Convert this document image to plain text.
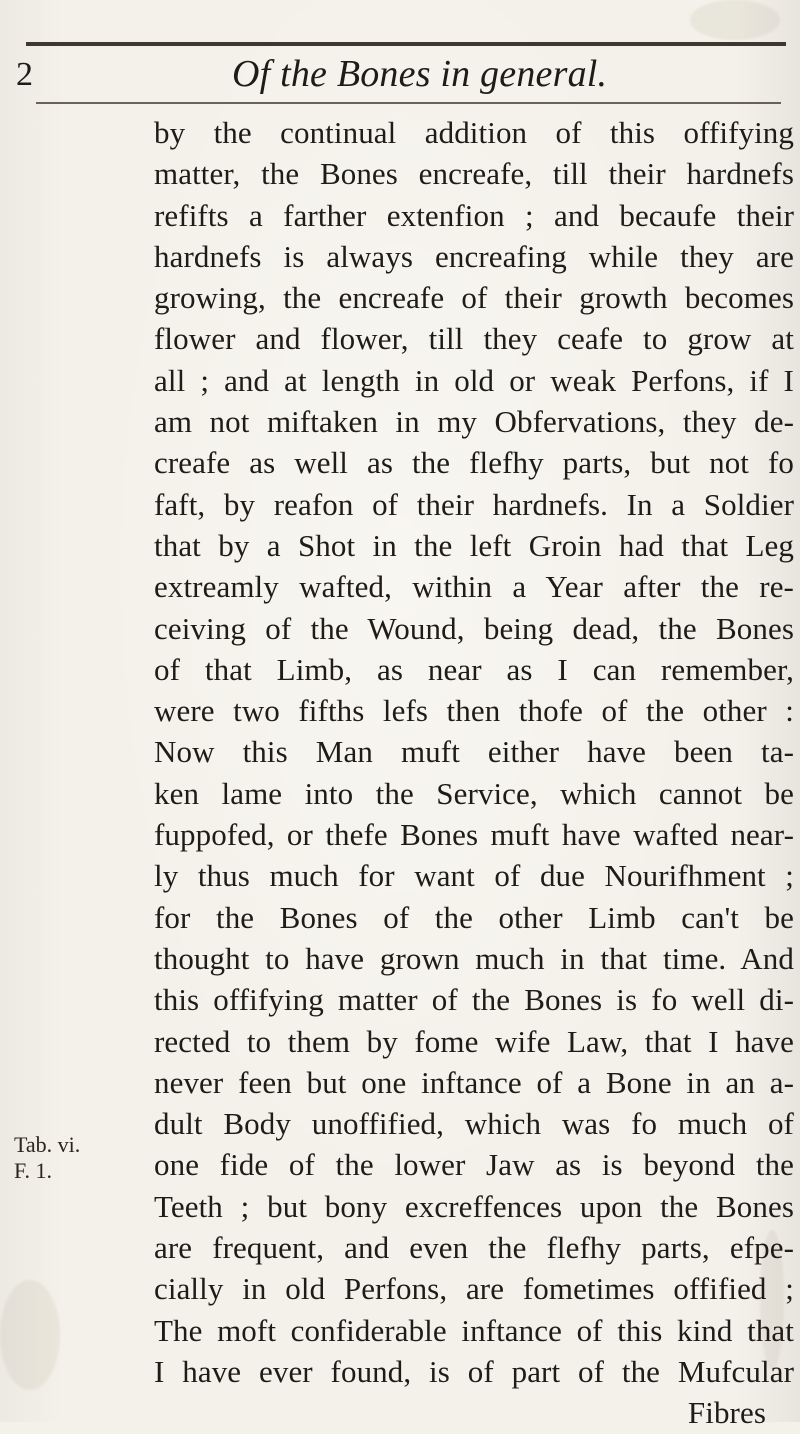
2	Of the Bones in general.
by the continual addition of this offifying
matter, the Bones encreafe, till their hardnefs
refifts a farther extenfion ; and becaufe their
hardnefs is always encreafing while they are
growing, the encreafe of their growth becomes
flower and flower, till they ceafe to grow at
all ; and at length in old or weak Perfons, if I
am not miftaken in my Obfervations, they de-
creafe as well as the flefhy parts, but not fo
faft, by reafon of their hardnefs. In a Soldier
that by a Shot in the left Groin had that Leg
extreamly wafted, within a Year after the re-
ceiving of the Wound, being dead, the Bones
of that Limb, as near as I can remember,
were two fifths lefs then thofe of the other :
Now this Man muft either have been ta-
ken lame into the Service, which cannot be
fuppofed, or thefe Bones muft have wafted near-
ly thus much for want of due Nourifhment ;
for the Bones of the other Limb can't be
thought to have grown much in that time. And
this offifying matter of the Bones is fo well di-
rected to them by fome wife Law, that I have
never feen but one inftance of a Bone in an a-
dult Body unoffified, which was fo much of
one fide of the lower Jaw as is beyond the
Teeth ; but bony excreffences upon the Bones
are frequent, and even the flefhy parts, efpe-
cially in old Perfons, are fometimes offified ;
The moft confiderable inftance of this kind that
I have ever found, is of part of the Mufcular
Fibres
Tab. vi.
F. 1.
